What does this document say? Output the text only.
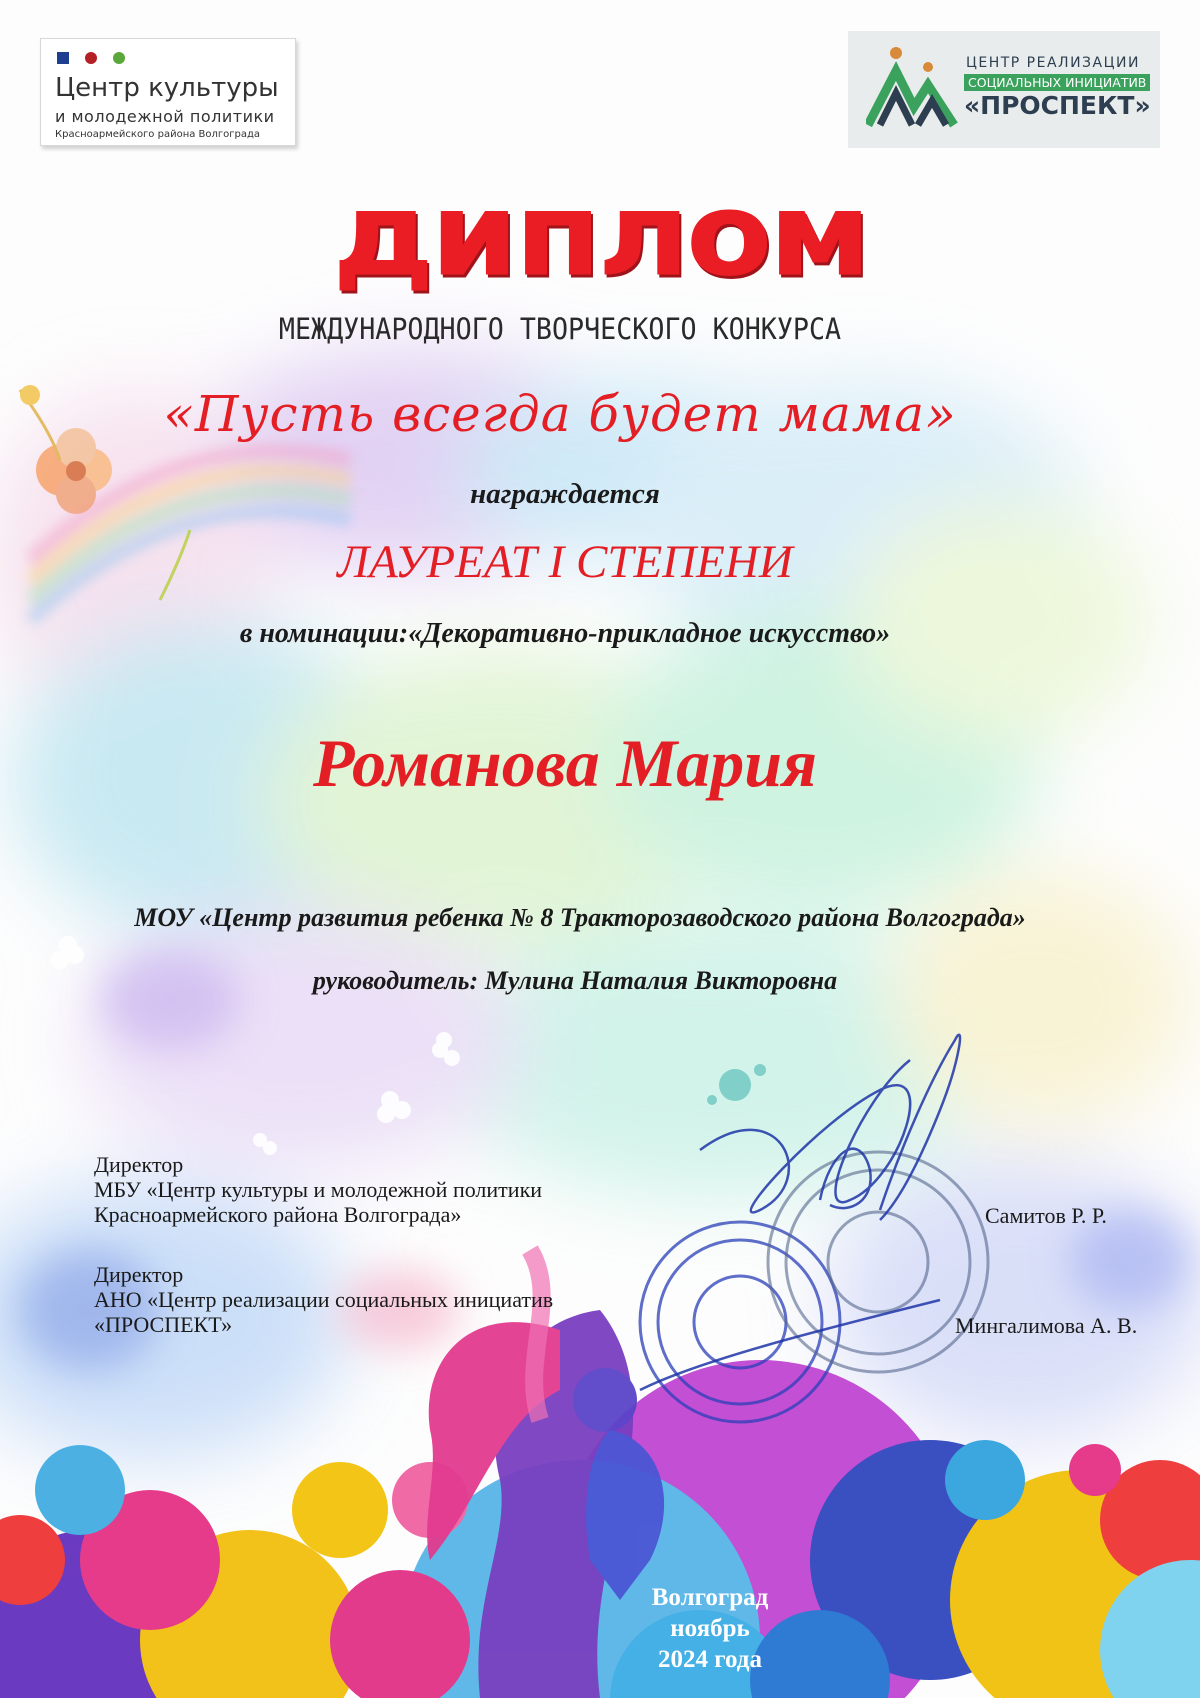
Центр культуры
и молодежной политики
Красноармейского района Волгограда
ЦЕНТР РЕАЛИЗАЦИИ
СОЦИАЛЬНЫХ ИНИЦИАТИВ
«ПРОСПЕКТ»
диплом
МЕЖДУНАРОДНОГО ТВОРЧЕСКОГО КОНКУРСА
«Пусть всегда будет мама»
награждается
ЛАУРЕАТ I СТЕПЕНИ
в номинации:«Декоративно-прикладное искусство»
Романова Мария
МОУ «Центр развития ребенка № 8 Тракторозаводского района Волгограда»
руководитель: Мулина Наталия Викторовна
Директор
МБУ «Центр культуры и молодежной политики
Красноармейского района Волгограда»	Самитов Р. Р.
Директор
АНО «Центр реализации социальных инициатив
«ПРОСПЕКТ»	Мингалимова А. В.
Волгоград
ноябрь
2024 года
